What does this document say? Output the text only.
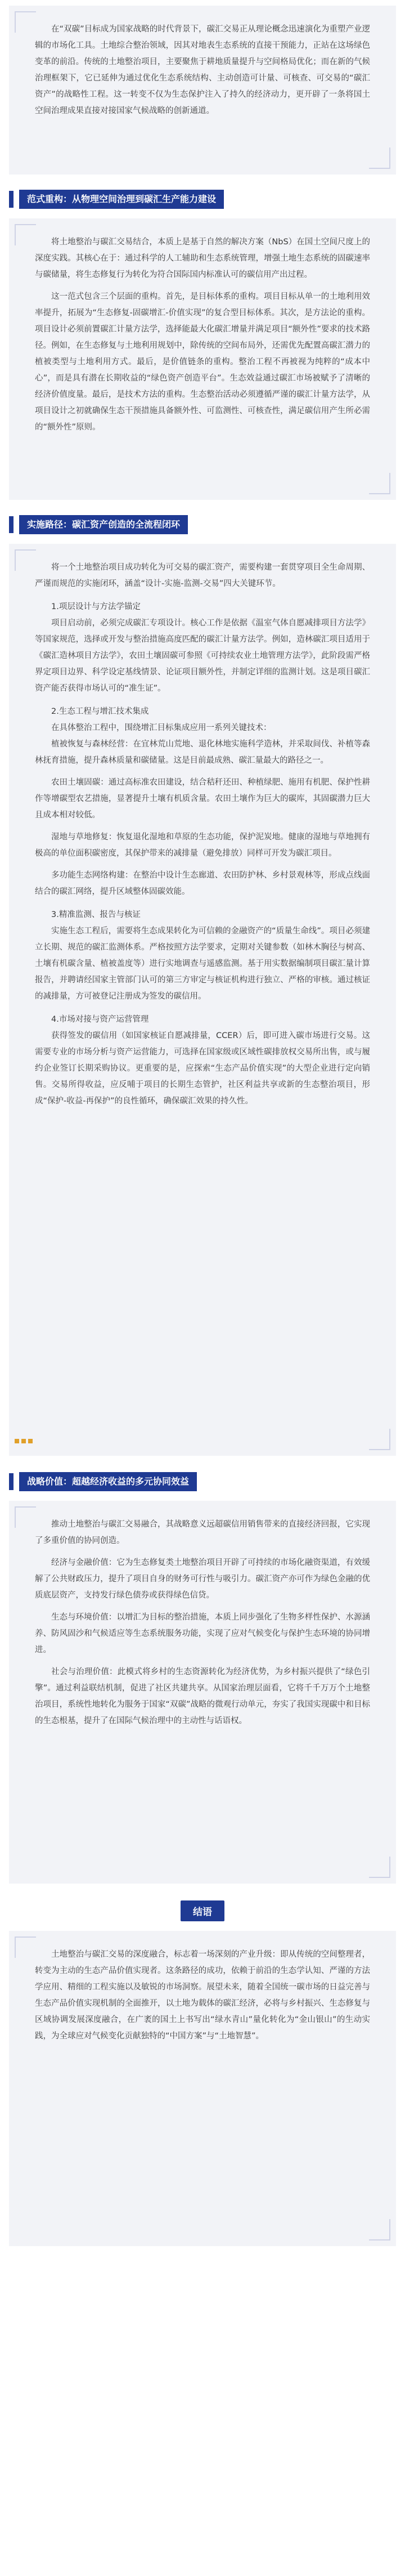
在“双碳”目标成为国家战略的时代背景下，碳汇交易正从理论概念迅速演化为重塑产业逻辑的市场化工具。土地综合整治领域，因其对地表生态系统的直接干预能力，正站在这场绿色变革的前沿。传统的土地整治项目，主要聚焦于耕地质量提升与空间格局优化；而在新的气候治理框架下，它已延伸为通过优化生态系统结构、主动创造可计量、可核查、可交易的“碳汇资产”的战略性工程。这一转变不仅为生态保护注入了持久的经济动力，更开辟了一条将国土空间治理成果直接对接国家气候战略的创新通道。

范式重构：从物理空间治理到碳汇生产能力建设

将土地整治与碳汇交易结合，本质上是基于自然的解决方案（NbS）在国土空间尺度上的深度实践。其核心在于：通过科学的人工辅助和生态系统管理，增强土地生态系统的固碳速率与碳储量，将生态修复行为转化为符合国际国内标准认可的碳信用产出过程。

这一范式包含三个层面的重构。首先，是目标体系的重构。项目目标从单一的土地利用效率提升，拓展为“生态修复-固碳增汇-价值实现”的复合型目标体系。其次，是方法论的重构。项目设计必须前置碳汇计量方法学，选择能最大化碳汇增量并满足项目“额外性”要求的技术路径。例如，在生态修复与土地利用规划中，除传统的空间布局外，还需优先配置高碳汇潜力的植被类型与土地利用方式。最后，是价值链条的重构。整治工程不再被视为纯粹的“成本中心”，而是具有潜在长期收益的“绿色资产创造平台”。生态效益通过碳汇市场被赋予了清晰的经济价值度量。最后，是技术方法的重构。生态整治活动必须遵循严谨的碳汇计量方法学，从项目设计之初就确保生态干预措施具备额外性、可监测性、可核查性，满足碳信用产生所必需的“额外性”原则。

实施路径：碳汇资产创造的全流程闭环

将一个土地整治项目成功转化为可交易的碳汇资产，需要构建一套贯穿项目全生命周期、严谨而规范的实施闭环，涵盖“设计-实施-监测-交易”四大关键环节。

1.项层设计与方法学锚定

项目启动前，必须完成碳汇专项设计。核心工作是依据《温室气体自愿减排项目方法学》等国家规范，选择或开发与整治措施高度匹配的碳汇计量方法学。例如，造林碳汇项目适用于《碳汇造林项目方法学》，农田土壤固碳可参照《可持续农业土地管理方法学》，此阶段需严格界定项目边界、科学设定基线情景、论证项目额外性，并制定详细的监测计划。这是项目碳汇资产能否获得市场认可的“准生证”。

2.生态工程与增汇技术集成

在具体整治工程中，围绕增汇目标集成应用一系列关键技术：

植被恢复与森林经营：在宜林荒山荒地、退化林地实施科学造林，并采取间伐、补植等森林抚育措施，提升森林质量和碳储量。这是目前最成熟、碳汇量最大的路径之一。

农田土壤固碳：通过高标准农田建设，结合秸秆还田、种植绿肥、施用有机肥、保护性耕作等增碳型农艺措施，显著提升土壤有机质含量。农田土壤作为巨大的碳库，其固碳潜力巨大且成本相对较低。

湿地与草地修复：恢复退化湿地和草原的生态功能，保护泥炭地。健康的湿地与草地拥有极高的单位面积碳密度，其保护带来的减排量（避免排放）同样可开发为碳汇项目。

多功能生态网络构建：在整治中设计生态廊道、农田防护林、乡村景观林等，形成点线面结合的碳汇网络，提升区域整体固碳效能。

3.精准监测、报告与核证

实施生态工程后，需要将生态成果转化为可信赖的金融资产的“质量生命线”。项目必须建立长期、规范的碳汇监测体系。严格按照方法学要求，定期对关键参数（如林木胸径与树高、土壤有机碳含量、植被盖度等）进行实地调查与遥感监测。基于用实数据编制项目碳汇量计算报告，并聘请经国家主管部门认可的第三方审定与核证机构进行独立、严格的审核。通过核证的减排量，方可被登记注册成为签发的碳信用。

4.市场对接与资产运营管理

获得签发的碳信用（如国家核证自愿减排量，CCER）后，即可进入碳市场进行交易。这需要专业的市场分析与资产运营能力，可选择在国家级或区域性碳排放权交易所出售，或与履约企业签订长期采购协议。更重要的是，应探索“生态产品价值实现”的大型企业进行定向销售。交易所得收益，应反哺于项目的长期生态管护，社区利益共享或新的生态整治项目，形成“保护-收益-再保护”的良性循环，确保碳汇效果的持久性。

战略价值：超越经济收益的多元协同效益

推动土地整治与碳汇交易融合，其战略意义远超碳信用销售带来的直接经济回报，它实现了多重价值的协同创造。

经济与金融价值：它为生态修复类土地整治项目开辟了可持续的市场化融资渠道，有效缓解了公共财政压力，提升了项目自身的财务可行性与吸引力。碳汇资产亦可作为绿色金融的优质底层资产，支持发行绿色债券或获得绿色信贷。

生态与环境价值：以增汇为目标的整治措施，本质上同步强化了生物多样性保护、水源涵养、防风固沙和气候适应等生态系统服务功能，实现了应对气候变化与保护生态环境的协同增进。

社会与治理价值：此模式将乡村的生态资源转化为经济优势，为乡村振兴提供了“绿色引擎”。通过利益联结机制，促进了社区共建共享。从国家治理层面看，它将千千万万个土地整治项目，系统性地转化为服务于国家“双碳”战略的微观行动单元，夯实了我国实现碳中和目标的生态根基，提升了在国际气候治理中的主动性与话语权。

结语

土地整治与碳汇交易的深度融合，标志着一场深刻的产业升级：即从传统的空间整理者，转变为主动的生态产品价值实现者。这条路径的成功，依赖于前沿的生态学认知、严谨的方法学应用、精细的工程实施以及敏锐的市场洞察。展望未来，随着全国统一碳市场的日益完善与生态产品价值实现机制的全面推开，以土地为载体的碳汇经济，必将与乡村振兴、生态修复与区域协调发展深度融合，在广袤的国土上书写出“绿水青山”量化转化为“金山银山”的生动实践，为全球应对气候变化贡献独特的“中国方案”与“土地智慧”。
